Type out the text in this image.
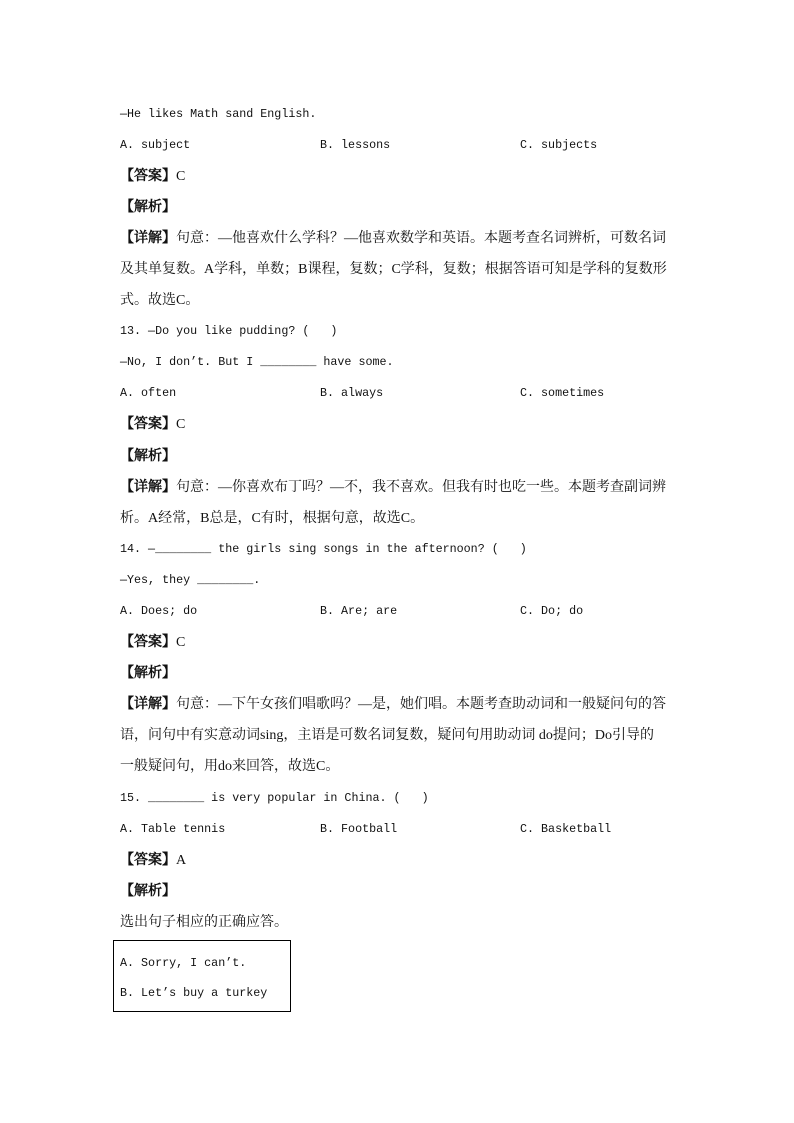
—He likes Math sand English.
A. subject	B. lessons	C. subjects
【答案】C
【解析】
【详解】句意：—他喜欢什么学科？—他喜欢数学和英语。本题考查名词辨析，可数名词
及其单复数。A学科，单数；B课程，复数；C学科，复数；根据答语可知是学科的复数形
式。故选C。
13. —Do you like pudding? (   )
—No, I don’t. But I ________ have some.
A. often	B. always	C. sometimes
【答案】C
【解析】
【详解】句意：—你喜欢布丁吗？—不，我不喜欢。但我有时也吃一些。本题考查副词辨
析。A经常，B总是，C有时，根据句意，故选C。
14. —________ the girls sing songs in the afternoon? (   )
—Yes, they ________.
A. Does; do	B. Are; are	C. Do; do
【答案】C
【解析】
【详解】句意：—下午女孩们唱歌吗？—是，她们唱。本题考查助动词和一般疑问句的答
语，问句中有实意动词sing，主语是可数名词复数，疑问句用助动词 do提问；Do引导的
一般疑问句，用do来回答，故选C。
15. ________ is very popular in China. (   )
A. Table tennis	B. Football	C. Basketball
【答案】A
【解析】
选出句子相应的正确应答。
A. Sorry, I can’t.
B. Let’s buy a turkey
